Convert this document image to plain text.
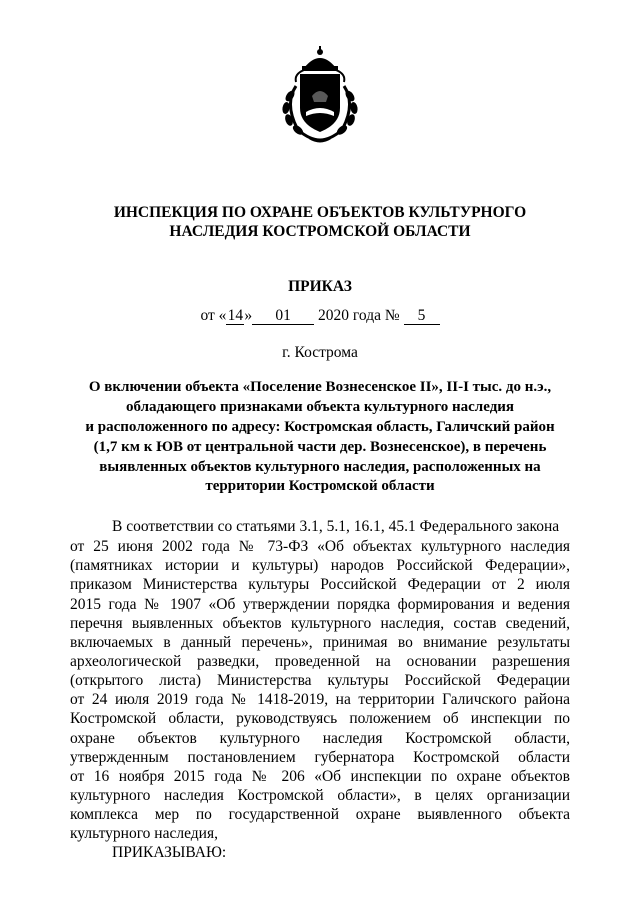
ИНСПЕКЦИЯ ПО ОХРАНЕ ОБЪЕКТОВ КУЛЬТУРНОГО
НАСЛЕДИЯ КОСТРОМСКОЙ ОБЛАСТИ
ПРИКАЗ
от «14» 01 2020 года № 5
г. Кострома
О включении объекта «Поселение Вознесенское II», II-I тыс. до н.э.,
обладающего признаками объекта культурного наследия
и расположенного по адресу: Костромская область, Галичский район
(1,7 км к ЮВ от центральной части дер. Вознесенское), в перечень
выявленных объектов культурного наследия, расположенных на
территории Костромской области
В соответствии со статьями 3.1, 5.1, 16.1, 45.1 Федерального закона
от 25 июня 2002 года № 73-ФЗ «Об объектах культурного наследия
(памятниках истории и культуры) народов Российской Федерации»,
приказом Министерства культуры Российской Федерации от 2 июля
2015 года № 1907 «Об утверждении порядка формирования и ведения
перечня выявленных объектов культурного наследия, состав сведений,
включаемых в данный перечень», принимая во внимание результаты
археологической разведки, проведенной на основании разрешения
(открытого листа) Министерства культуры Российской Федерации
от 24 июля 2019 года № 1418-2019, на территории Галичского района
Костромской области, руководствуясь положением об инспекции по
охране объектов культурного наследия Костромской области,
утвержденным постановлением губернатора Костромской области
от 16 ноября 2015 года № 206 «Об инспекции по охране объектов
культурного наследия Костромской области», в целях организации
комплекса мер по государственной охране выявленного объекта
культурного наследия,
ПРИКАЗЫВАЮ:
